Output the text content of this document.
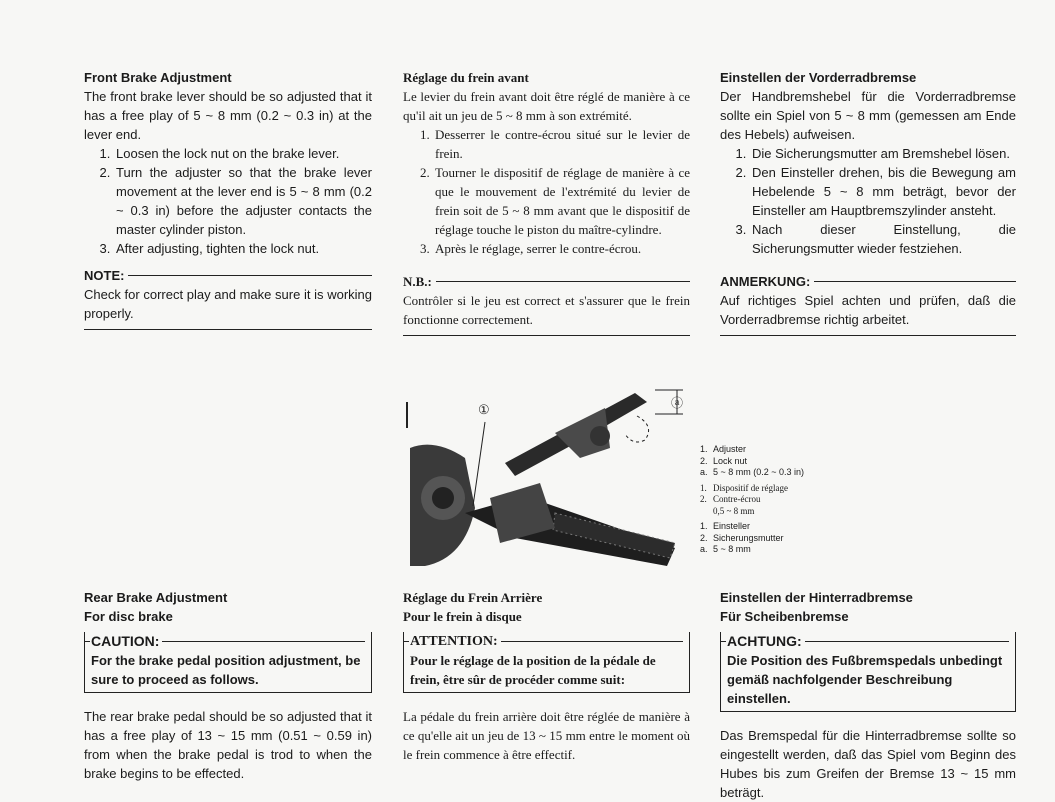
Front Brake Adjustment

The front brake lever should be so adjusted that it has a free play of 5 ~ 8 mm (0.2 ~ 0.3 in) at the lever end.

1. Loosen the lock nut on the brake lever.
2. Turn the adjuster so that the brake lever movement at the lever end is 5 ~ 8 mm (0.2 ~ 0.3 in) before the adjuster contacts the master cylinder piston.
3. After adjusting, tighten the lock nut.
NOTE:

Check for correct play and make sure it is working properly.

Réglage du frein avant

Le levier du frein avant doit être réglé de manière à ce qu'il ait un jeu de 5 ~ 8 mm à son extrémité.

1. Desserrer le contre-écrou situé sur le levier de frein.
2. Tourner le dispositif de réglage de manière à ce que le mouvement de l'extrémité du levier de frein soit de 5 ~ 8 mm avant que le dispositif de réglage touche le piston du maître-cylindre.
3. Après le réglage, serrer le contre-écrou.
N.B.:

Contrôler si le jeu est correct et s'assurer que le frein fonctionne correctement.

Einstellen der Vorderradbremse

Der Handbremshebel für die Vorderradbremse sollte ein Spiel von 5 ~ 8 mm (gemessen am Ende des Hebels) aufweisen.

1. Die Sicherungsmutter am Bremshebel lösen.
2. Den Einsteller drehen, bis die Bewegung am Hebelende 5 ~ 8 mm beträgt, bevor der Einsteller am Hauptbremszylinder ansteht.
3. Nach dieser Einstellung, die Sicherungsmutter wieder festziehen.
ANMERKUNG:

Auf richtiges Spiel achten und prüfen, daß die Vorderradbremse richtig arbeitet.

①	ⓐ
1. Adjuster
2. Lock nut
a. 5 ~ 8 mm (0.2 ~ 0.3 in)
1. Dispositif de réglage
2. Contre-écrou
0,5 ~ 8 mm
1. Einsteller
2. Sicherungsmutter
a. 5 ~ 8 mm
Rear Brake Adjustment
For disc brake
CAUTION:
For the brake pedal position adjustment, be sure to proceed as follows.

The rear brake pedal should be so adjusted that it has a free play of 13 ~ 15 mm (0.51 ~ 0.59 in) from when the brake pedal is trod to when the brake begins to be effected.

Réglage du Frein Arrière
Pour le frein à disque
ATTENTION:
Pour le réglage de la position de la pédale de frein, être sûr de procéder comme suit:

La pédale du frein arrière doit être réglée de manière à ce qu'elle ait un jeu de 13 ~ 15 mm entre le moment où le frein commence à être effectif.

Einstellen der Hinterradbremse
Für Scheibenbremse
ACHTUNG:
Die Position des Fußbremspedals unbedingt gemäß nachfolgender Beschreibung einstellen.

Das Bremspedal für die Hinterradbremse sollte so eingestellt werden, daß das Spiel vom Beginn des Hubes bis zum Greifen der Bremse 13 ~ 15 mm beträgt.
